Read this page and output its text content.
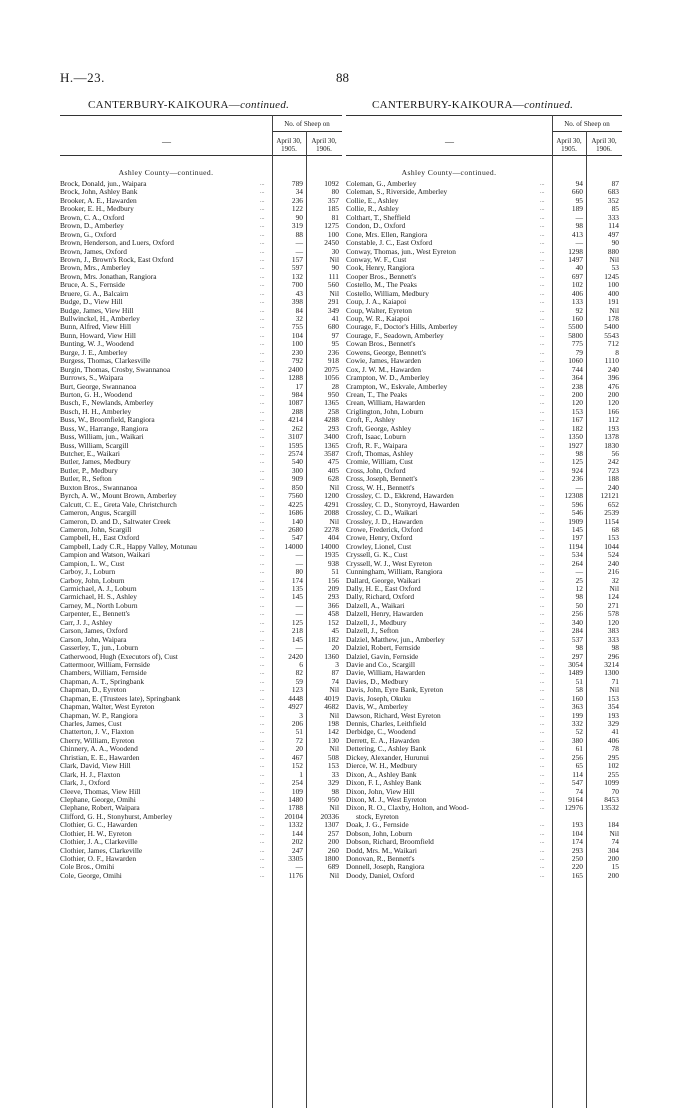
H.—23.	88
CANTERBURY-KAIKOURA—continued.
—
No. of Sheep on
April 30, 1905.
April 30, 1906.
Ashley County—continued.
Brock, Donald, jun., Waipara	...	789	1092
Brock, John, Ashley Bank	...	34	80
Brooker, A. E., Hawarden	...	236	357
Brooker, E. H., Medbury	...	122	185
Brown, C. A., Oxford	...	90	81
Brown, D., Amberley	...	319	1275
Brown, G., Oxford	...	88	100
Brown, Henderson, and Luers, Oxford	...	—	2450
Brown, James, Oxford	...	—	30
Brown, J., Brown's Rock, East Oxford	...	157	Nil
Brown, Mrs., Amberley	...	597	90
Brown, Mrs. Jonathan, Rangiora	...	132	111
Bruce, A. S., Fernside	...	700	560
Bruere, G. A., Balcairn	...	43	Nil
Budge, D., View Hill	...	398	291
Budge, James, View Hill	...	84	349
Bullwinckel, H., Amberley	...	32	41
Bunn, Alfred, View Hill	...	755	680
Bunn, Howard, View Hill	...	104	97
Bunting, W. J., Woodend	...	100	95
Burge, J. E., Amberley	...	230	236
Burgess, Thomas, Clarkesville	...	792	918
Burgin, Thomas, Crosby, Swannanoa	...	2400	2075
Burrows, S., Waipara	...	1288	1056
Burt, George, Swannanoa	...	17	28
Burton, G. H., Woodend	...	984	950
Busch, F., Newlands, Amberley	...	1087	1365
Busch, H. H., Amberley	...	288	258
Buss, W., Broomfield, Rangiora	...	4214	4288
Buss, W., Harrange, Rangiora	...	262	293
Buss, William, jun., Waikari	...	3107	3400
Buss, William, Scargill	...	1595	1365
Butcher, E., Waikari	...	2574	3587
Butler, James, Medbury	...	540	475
Butler, P., Medbury	...	300	405
Butler, R., Sefton	...	909	628
Buxton Bros., Swannanoa	...	850	Nil
Byrch, A. W., Mount Brown, Amberley	...	7560	1200
Calcutt, C. E., Greta Vale, Christchurch	...	4225	4291
Cameron, Angus, Scargill	...	1686	2088
Cameron, D. and D., Saltwater Creek	...	140	Nil
Cameron, John, Scargill	...	2680	2278
Campbell, H., East Oxford	...	547	404
Campbell, Lady C.R., Happy Valley, Motunau	...	14000	14000
Campion and Watson, Waikari	...	—	1935
Campion, L. W., Cust	...	—	938
Carboy, J., Loburn	...	80	51
Carboy, John, Loburn	...	174	156
Carmichael, A. J., Loburn	...	135	209
Carmichael, H. S., Ashley	...	145	293
Carney, M., North Loburn	...	—	366
Carpenter, E., Bennett's	...	—	458
Carr, J. J., Ashley	...	125	152
Carson, James, Oxford	...	218	45
Carson, John, Waipara	...	145	182
Casserley, T., jun., Loburn	...	—	20
Catherwood, Hugh (Executors of), Cust	...	2420	1360
Cattermoor, William, Fernside	...	6	3
Chambers, William, Fernside	...	82	87
Chapman, A. T., Springbank	...	59	74
Chapman, D., Eyreton	...	123	Nil
Chapman, E. (Trustees late), Springbank	...	4448	4019
Chapman, Walter, West Eyreton	...	4927	4682
Chapman, W. P., Rangiora	...	3	Nil
Charles, James, Cust	...	206	198
Chatterton, J. V., Flaxton	...	51	142
Cherry, William, Eyreton	...	72	130
Chinnery, A. A., Woodend	...	20	Nil
Christian, E. E., Hawarden	...	467	508
Clark, David, View Hill	...	152	153
Clark, H. J., Flaxton	...	1	33
Clark, J., Oxford	...	254	329
Cleeve, Thomas, View Hill	...	109	98
Clephane, George, Omihi	...	1480	950
Clephane, Robert, Waipara	...	1788	Nil
Clifford, G. H., Stonyhurst, Amberley	...	20104	20336
Clothier, G. C., Hawarden	...	1332	1307
Clothier, H. W., Eyreton	...	144	257
Clothier, J. A., Clarkeville	...	202	200
Clothier, James, Clarkeville	...	247	260
Clothier, O. F., Hawarden	...	3305	1800
Cole Bros., Omihi	...	—	689
Cole, George, Omihi	...	1176	Nil
CANTERBURY-KAIKOURA—continued.
—
No. of Sheep on
April 30, 1905.
April 30, 1906.
Ashley County—continued.
Coleman, G., Amberley	...	94	87
Coleman, S., Riverside, Amberley	...	660	683
Collie, E., Ashley	...	95	352
Collie, R., Ashley	...	189	85
Colthart, T., Sheffield	...	—	333
Condon, D., Oxford	...	98	114
Cone, Mrs. Ellen, Rangiora	...	413	497
Constable, J. C., East Oxford	...	—	90
Conway, Thomas, jun., West Eyreton	...	1298	880
Conway, W. F., Cust	...	1497	Nil
Cook, Henry, Rangiora	...	40	53
Cooper Bros., Bennett's	...	697	1245
Costello, M., The Peaks	...	102	100
Costello, William, Medbury	...	406	400
Coup, J. A., Kaiapoi	...	133	191
Coup, Walter, Eyreton	...	92	Nil
Coup, W. R., Kaiapoi	...	160	178
Courage, F., Doctor's Hills, Amberley	...	5500	5400
Courage, F., Seadown, Amberley	...	5800	5543
Cowan Bros., Bennett's	...	775	712
Cowens, George, Bennett's	...	79	8
Cowie, James, Hawarden	...	1060	1110
Cox, J. W. M., Hawarden	...	744	240
Crampton, W. D., Amberley	...	364	396
Crampton, W., Eskvale, Amberley	...	238	476
Crean, T., The Peaks	...	200	200
Crean, William, Hawarden	...	120	120
Criglington, John, Loburn	...	153	166
Croft, F., Ashley	...	167	112
Croft, George, Ashley	...	182	193
Croft, Isaac, Loburn	...	1350	1378
Croft, R. F., Waipara	...	1927	1830
Croft, Thomas, Ashley	...	98	56
Cromie, William, Cust	...	125	242
Cross, John, Oxford	...	924	723
Cross, Joseph, Bennett's	...	236	188
Cross, W. H., Bennett's	...	—	240
Crossley, C. D., Ekkrend, Hawarden	...	12308	12121
Crossley, C. D., Stonyroyd, Hawarden	...	596	652
Crossley, C. D., Waikari	...	546	2539
Crossley, J. D., Hawarden	...	1909	1154
Crowe, Frederick, Oxford	...	145	68
Crowe, Henry, Oxford	...	197	153
Crowley, Lionel, Cust	...	1194	1044
Cryssell, G. K., Cust	...	534	524
Cryssell, W. J., West Eyreton	...	264	240
Cunningham, William, Rangiora	...	—	216
Dallard, George, Waikari	...	25	32
Dally, H. E., East Oxford	...	12	Nil
Dally, Richard, Oxford	...	98	124
Dalzell, A., Waikari	...	50	271
Dalzell, Henry, Hawarden	...	256	578
Dalzell, J., Medbury	...	340	120
Dalzell, J., Sefton	...	284	383
Dalziel, Matthew, jun., Amberley	...	537	333
Dalziel, Robert, Fernside	...	98	98
Dalziel, Gavin, Fernside	...	297	296
Davie and Co., Scargill	...	3054	3214
Davie, William, Hawarden	...	1489	1300
Davies, D., Medbury	...	51	71
Davis, John, Eyre Bank, Eyreton	...	58	Nil
Davis, Joseph, Okuku	...	160	153
Davis, W., Amberley	...	363	354
Dawson, Richard, West Eyreton	...	199	193
Dennis, Charles, Leithfield	...	332	329
Derbidge, C., Woodend	...	52	41
Derrett, E. A., Hawarden	...	380	406
Dettering, C., Ashley Bank	...	61	78
Dickey, Alexander, Hurunui	...	256	295
Dierce, W. H., Medbury	...	65	102
Dixon, A., Ashley Bank	...	114	255
Dixon, F. I., Ashley Bank	...	547	1099
Dixon, John, View Hill	...	74	70
Dixon, M. J., West Eyreton	...	9164	8453
Dixon, R. O., Claxby, Holton, and Wood-	...	12976	13532
stock, Eyreton
Doak, J. G., Fernside	...	193	184
Dobson, John, Loburn	...	104	Nil
Dobson, Richard, Broomfield	...	174	74
Dodd, Mrs. M., Waikari	...	293	304
Donovan, R., Bennett's	...	250	200
Donnell, Joseph, Rangiora	...	220	15
Doody, Daniel, Oxford	...	165	200
